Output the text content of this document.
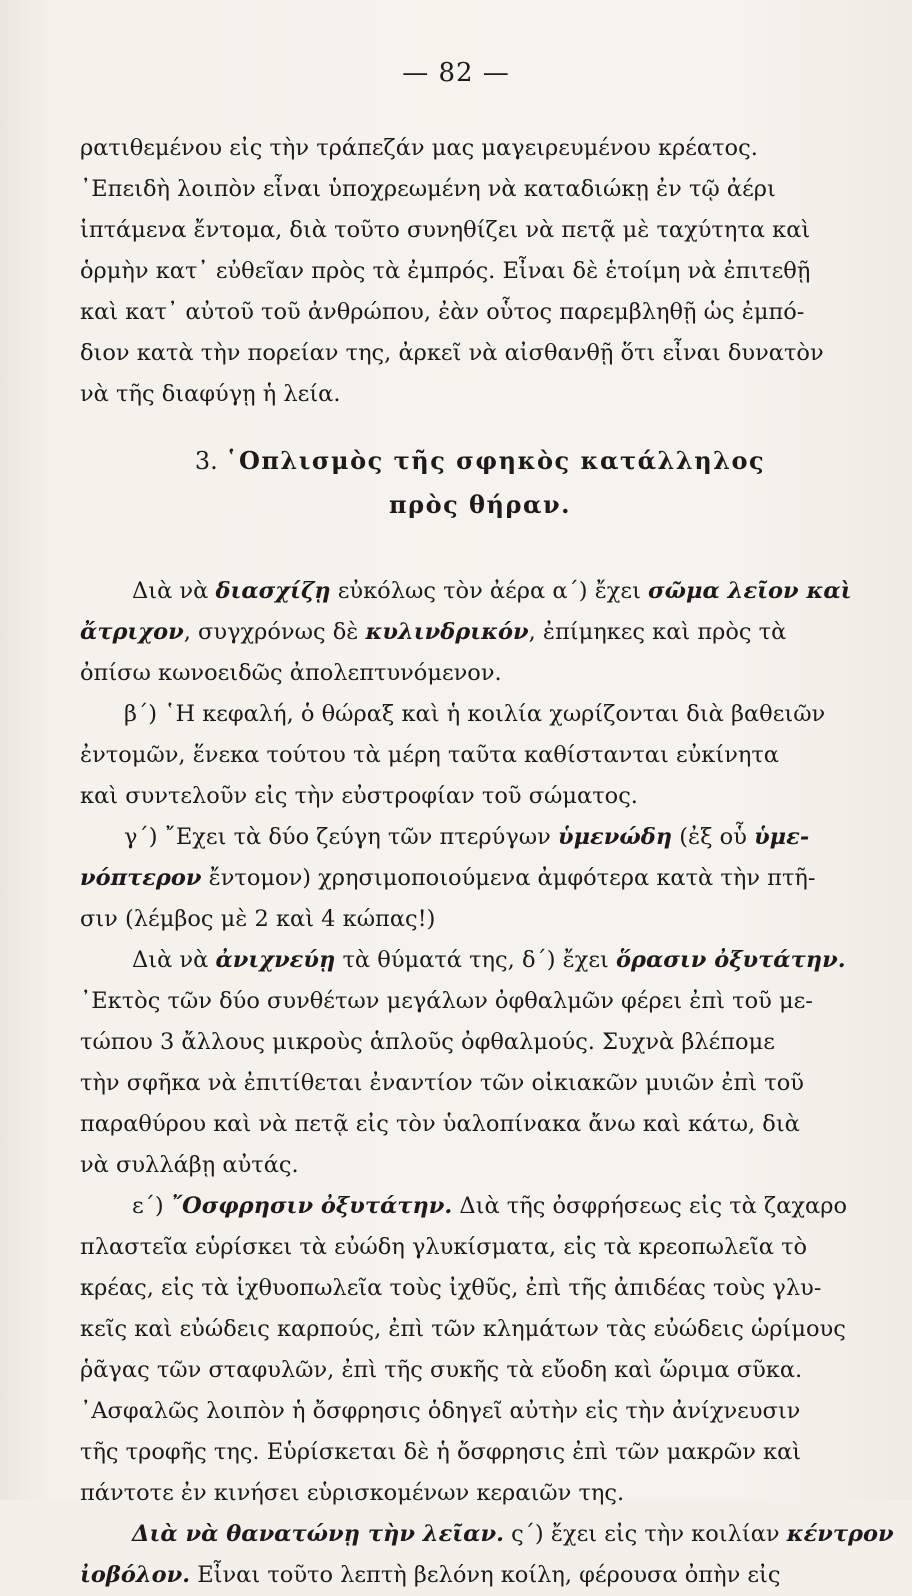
— 82 —
ρατιθεμένου εἰς τὴν τράπεζάν μας μαγειρευμένου κρέατος.
᾿Επειδὴ λοιπὸν εἶναι ὑποχρεωμένη νὰ καταδιώκῃ ἐν τῷ ἀέρι
ἱπτάμενα ἔντομα, διὰ τοῦτο συνηθίζει νὰ πετᾷ μὲ ταχύτητα καὶ
ὁρμὴν κατ᾿ εὐθεῖαν πρὸς τὰ ἐμπρός. Εἶναι δὲ ἑτοίμη νὰ ἐπιτεθῇ
καὶ κατ᾿ αὐτοῦ τοῦ ἀνθρώπου, ἐὰν οὗτος παρεμβληθῇ ὡς ἐμπό-
διον κατὰ τὴν πορείαν της, ἀρκεῖ νὰ αἰσθανθῇ ὅτι εἶναι δυνατὸν
νὰ τῆς διαφύγῃ ἡ λεία.
3. ῾Οπλισμὸς τῆς σφηκὸς κατάλληλος
πρὸς θήραν.
Διὰ νὰ διασχίζῃ εὐκόλως τὸν ἀέρα α΄) ἔχει σῶμα λεῖον καὶ
ἄτριχον, συγχρόνως δὲ κυλινδρικόν, ἐπίμηκες καὶ πρὸς τὰ
ὀπίσω κωνοειδῶς ἀπολεπτυνόμενον.
β΄) ῾Η κεφαλή, ὁ θώραξ καὶ ἡ κοιλία χωρίζονται διὰ βαθειῶν
ἐντομῶν, ἕνεκα τούτου τὰ μέρη ταῦτα καθίστανται εὐκίνητα
καὶ συντελοῦν εἰς τὴν εὐστροφίαν τοῦ σώματος.
γ΄) ῎Εχει τὰ δύο ζεύγη τῶν πτερύγων ὑμενώδη (ἐξ οὗ ὑμε-
νόπτερον ἔντομον) χρησιμοποιούμενα ἀμφότερα κατὰ τὴν πτῆ-
σιν (λέμβος μὲ 2 καὶ 4 κώπας!)
Διὰ νὰ ἀνιχνεύῃ τὰ θύματά της, δ΄) ἔχει ὅρασιν ὀξυτάτην.
᾿Εκτὸς τῶν δύο συνθέτων μεγάλων ὀφθαλμῶν φέρει ἐπὶ τοῦ με-
τώπου 3 ἄλλους μικροὺς ἁπλοῦς ὀφθαλμούς. Συχνὰ βλέπομε
τὴν σφῆκα νὰ ἐπιτίθεται ἐναντίον τῶν οἰκιακῶν μυιῶν ἐπὶ τοῦ
παραθύρου καὶ νὰ πετᾷ εἰς τὸν ὑαλοπίνακα ἄνω καὶ κάτω, διὰ
νὰ συλλάβῃ αὐτάς.
ε΄) ῎Οσφρησιν ὀξυτάτην. Διὰ τῆς ὀσφρήσεως εἰς τὰ ζαχαρο
πλαστεῖα εὑρίσκει τὰ εὐώδη γλυκίσματα, εἰς τὰ κρεοπωλεῖα τὸ
κρέας, εἰς τὰ ἰχθυοπωλεῖα τοὺς ἰχθῦς, ἐπὶ τῆς ἀπιδέας τοὺς γλυ-
κεῖς καὶ εὐώδεις καρπούς, ἐπὶ τῶν κλημάτων τὰς εὐώδεις ὡρίμους
ῥᾶγας τῶν σταφυλῶν, ἐπὶ τῆς συκῆς τὰ εὔοδη καὶ ὥριμα σῦκα.
᾿Ασφαλῶς λοιπὸν ἡ ὄσφρησις ὁδηγεῖ αὐτὴν εἰς τὴν ἀνίχνευσιν
τῆς τροφῆς της. Εὑρίσκεται δὲ ἡ ὄσφρησις ἐπὶ τῶν μακρῶν καὶ
πάντοτε ἐν κινήσει εὑρισκομένων κεραιῶν της.
Διὰ νὰ θανατώνῃ τὴν λεῖαν. ς΄) ἔχει εἰς τὴν κοιλίαν κέντρον
ἰοβόλον. Εἶναι τοῦτο λεπτὴ βελόνη κοίλη, φέρουσα ὀπὴν εἰς
